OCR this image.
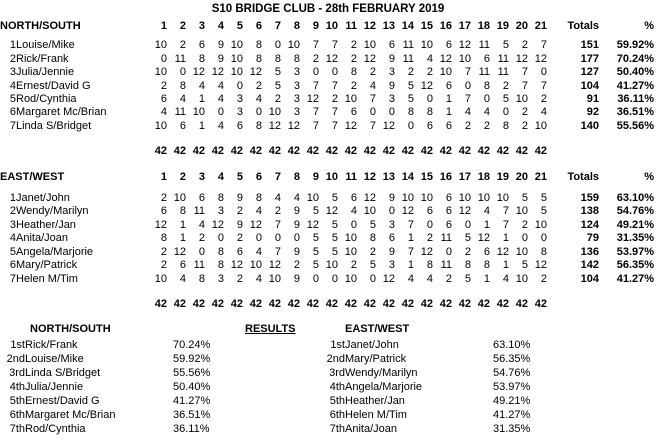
S10 BRIDGE CLUB - 28th FEBRUARY 2019
NORTH/SOUTH		1	2	3	4	5	6	7	8	9	10	11	12	13	14	15	16	17	18	19	20	21	Totals	%
1	Louise/Mike	10	2	6	9	10	8	0	10	7	7	2	10	6	11	10	6	12	11	5	2	7	151	59.92%
2	Rick/Frank	0	11	8	9	10	8	8	8	2	12	2	12	9	11	4	12	10	6	11	12	12	177	70.24%
3	Julia/Jennie	10	0	12	12	10	12	5	3	0	0	8	2	3	2	2	10	7	11	11	7	0	127	50.40%
4	Ernest/David G	2	8	4	4	0	2	5	3	7	7	2	4	9	5	12	6	0	8	2	7	7	104	41.27%
5	Rod/Cynthia	6	4	1	4	3	4	2	3	12	2	10	7	3	5	0	1	7	0	5	10	2	91	36.11%
6	Margaret Mc/Brian	4	11	10	0	3	0	10	3	7	7	6	0	0	8	8	1	4	4	0	2	4	92	36.51%
7	Linda S/Bridget	10	6	1	4	6	8	12	12	7	7	12	7	12	0	6	6	2	2	8	2	10	140	55.56%
		42	42	42	42	42	42	42	42	42	42	42	42	42	42	42	42	42	42	42	42	42		
EAST/WEST		1	2	3	4	5	6	7	8	9	10	11	12	13	14	15	16	17	18	19	20	21	Totals	%
1	Janet/John	2	10	6	8	9	8	4	4	10	5	6	12	9	10	10	6	10	10	10	5	5	159	63.10%
2	Wendy/Marilyn	6	8	11	3	2	4	2	9	5	12	4	10	0	12	6	6	12	4	7	10	5	138	54.76%
3	Heather/Jan	12	1	4	12	9	12	7	9	12	5	0	5	3	7	0	6	0	1	7	2	10	124	49.21%
4	Anita/Joan	8	1	2	0	2	0	0	0	5	5	10	8	6	1	2	11	5	12	1	0	0	79	31.35%
5	Angela/Marjorie	2	12	0	8	6	4	7	9	5	5	10	2	9	7	12	0	2	6	12	10	8	136	53.97%
6	Mary/Patrick	2	6	11	8	12	10	12	2	5	10	2	5	3	1	8	11	8	8	1	5	12	142	56.35%
7	Helen M/Tim	10	4	8	3	2	4	10	9	0	0	10	0	12	4	4	2	5	1	4	10	2	104	41.27%
		42	42	42	42	42	42	42	42	42	42	42	42	42	42	42	42	42	42	42	42	42		
NORTH/SOUTH	RESULTS	EAST/WEST
1st	Rick/Frank	70.24%
2nd	Louise/Mike	59.92%
3rd	Linda S/Bridget	55.56%
4th	Julia/Jennie	50.40%
5th	Ernest/David G	41.27%
6th	Margaret Mc/Brian	36.51%
7th	Rod/Cynthia	36.11%
1st	Janet/John	63.10%
2nd	Mary/Patrick	56.35%
3rd	Wendy/Marilyn	54.76%
4th	Angela/Marjorie	53.97%
5th	Heather/Jan	49.21%
6th	Helen M/Tim	41.27%
7th	Anita/Joan	31.35%
